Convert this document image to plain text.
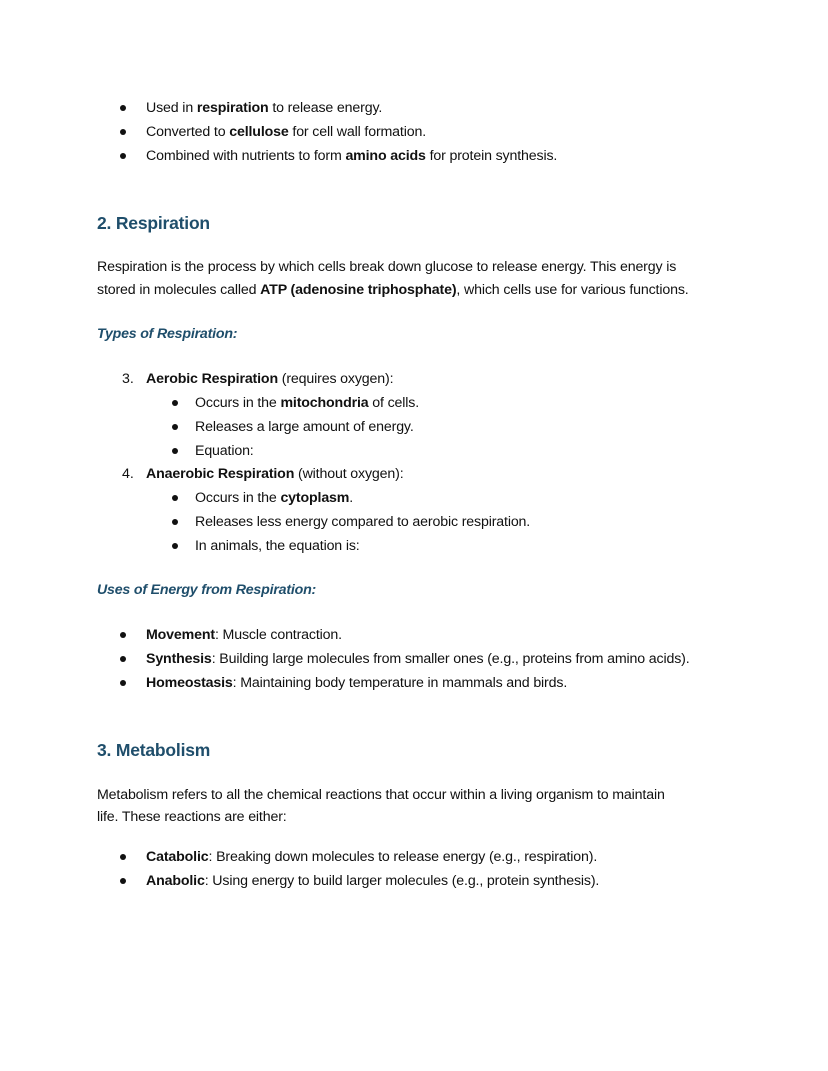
Used in respiration to release energy.
Converted to cellulose for cell wall formation.
Combined with nutrients to form amino acids for protein synthesis.
2. Respiration
Respiration is the process by which cells break down glucose to release energy. This energy is
stored in molecules called ATP (adenosine triphosphate), which cells use for various functions.
Types of Respiration:
3. Aerobic Respiration (requires oxygen):
Occurs in the mitochondria of cells.
Releases a large amount of energy.
Equation:
4. Anaerobic Respiration (without oxygen):
Occurs in the cytoplasm.
Releases less energy compared to aerobic respiration.
In animals, the equation is:
Uses of Energy from Respiration:
Movement: Muscle contraction.
Synthesis: Building large molecules from smaller ones (e.g., proteins from amino acids).
Homeostasis: Maintaining body temperature in mammals and birds.
3. Metabolism
Metabolism refers to all the chemical reactions that occur within a living organism to maintain
life. These reactions are either:
Catabolic: Breaking down molecules to release energy (e.g., respiration).
Anabolic: Using energy to build larger molecules (e.g., protein synthesis).
